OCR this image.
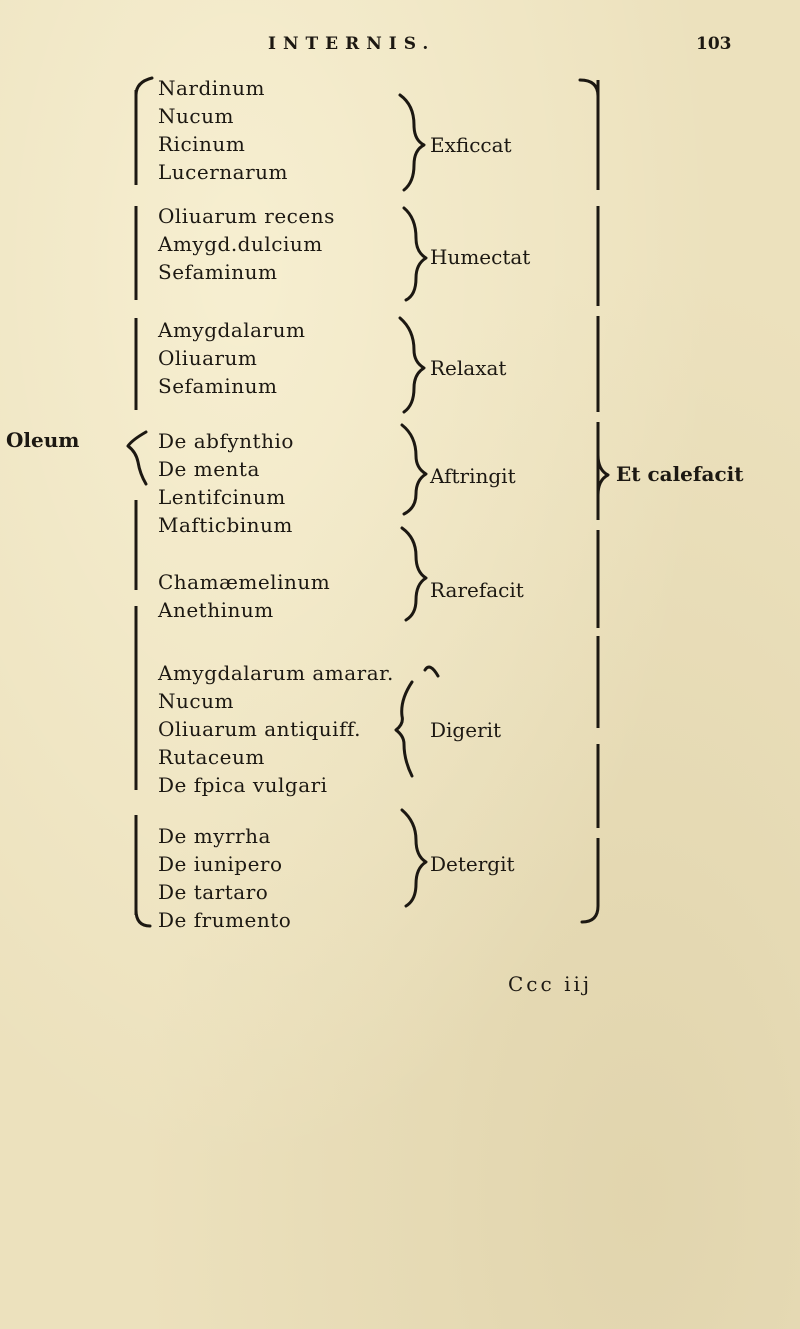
INTERNIS.	103
Oleum
Et calefacit
Nardinum
Nucum
Ricinum
Lucernarum
Exficcat
Oliuarum recens
Amygd.dulcium
Sefaminum
Humectat
Amygdalarum
Oliuarum
Sefaminum
Relaxat
De abfynthio
De menta
Lentifcinum
Mafticbinum
Aftringit
Chamæmelinum
Anethinum
Rarefacit
Amygdalarum amarar.
Nucum
Oliuarum antiquiff.
Rutaceum
De fpica vulgari
Digerit
De myrrha
De iunipero
De tartaro
De frumento
Detergit
Ccc iij
